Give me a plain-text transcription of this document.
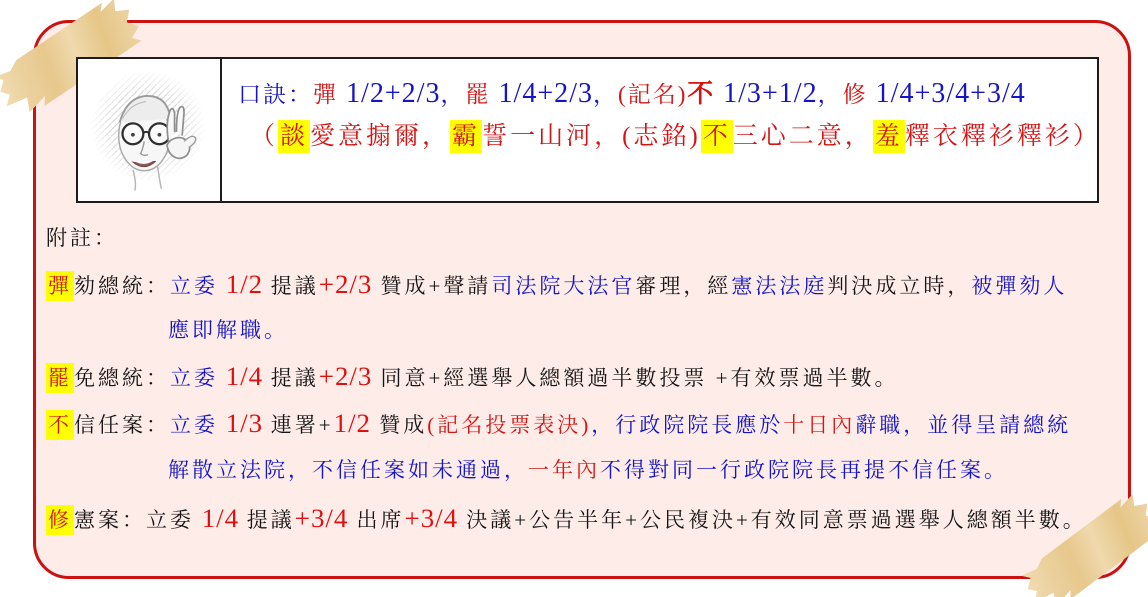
口訣：彈 1/2+2/3，罷 1/4+2/3，(記名)不 1/3+1/2，修 1/4+3/4+3/4
（談愛意搧爾，霸誓一山河，(志銘)不三心二意，羞釋衣釋衫釋衫）
附註：
彈劾總統：立委 1/2 提議+2/3 贊成+聲請司法院大法官審理，經憲法法庭判決成立時，被彈劾人
應即解職。
罷免總統：立委 1/4 提議+2/3 同意+經選舉人總額過半數投票 +有效票過半數。
不信任案：立委 1/3 連署+1/2 贊成(記名投票表決)，行政院院長應於十日內辭職，並得呈請總統
解散立法院，不信任案如未通過，一年內不得對同一行政院院長再提不信任案。
修憲案：立委 1/4 提議+3/4 出席+3/4 決議+公告半年+公民複決+有效同意票過選舉人總額半數。
